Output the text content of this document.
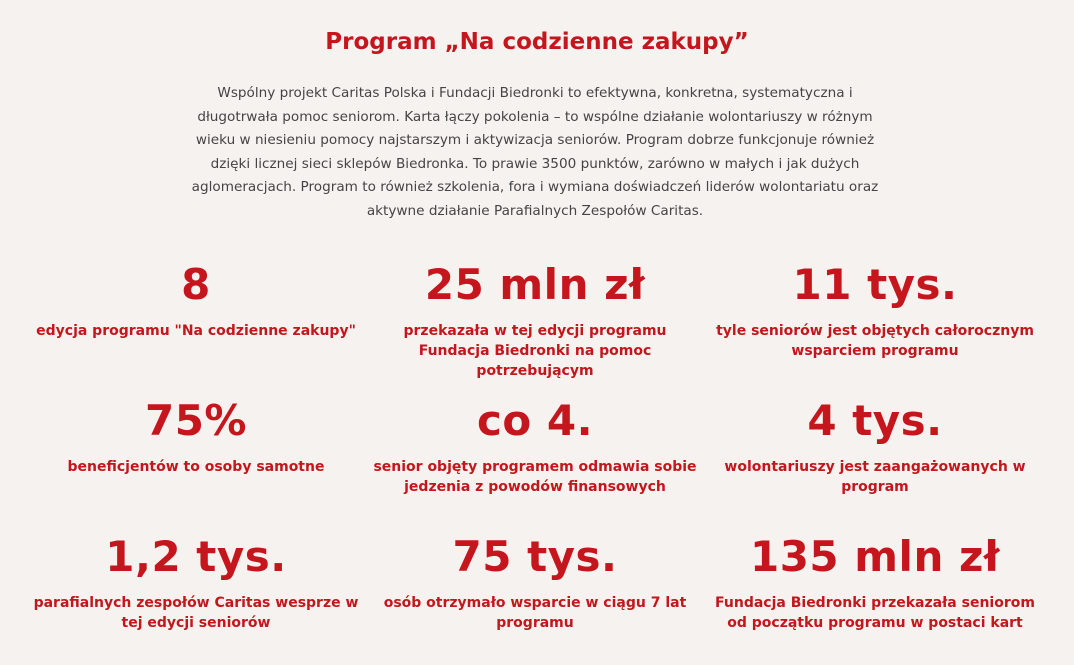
Program „Na codzienne zakupy”

Wspólny projekt Caritas Polska i Fundacji Biedronki to efektywna, konkretna, systematyczna i długotrwała pomoc seniorom. Karta łączy pokolenia – to wspólne działanie wolontariuszy w różnym wieku w niesieniu pomocy najstarszym i aktywizacja seniorów. Program dobrze funkcjonuje również dzięki licznej sieci sklepów Biedronka. To prawie 3500 punktów, zarówno w małych i jak dużych aglomeracjach. Program to również szkolenia, fora i wymiana doświadczeń liderów wolontariatu oraz aktywne działanie Parafialnych Zespołów Caritas.

8
edycja programu "Na codzienne zakupy"
25 mln zł
przekazała w tej edycji programu Fundacja Biedronki na pomoc potrzebującym
11 tys.
tyle seniorów jest objętych całorocznym wsparciem programu
75%
beneficjentów to osoby samotne
co 4.
senior objęty programem odmawia sobie jedzenia z powodów finansowych
4 tys.
wolontariuszy jest zaangażowanych w program
1,2 tys.
parafialnych zespołów Caritas wesprze w tej edycji seniorów
75 tys.
osób otrzymało wsparcie w ciągu 7 lat programu
135 mln zł
Fundacja Biedronki przekazała seniorom od początku programu w postaci kart
